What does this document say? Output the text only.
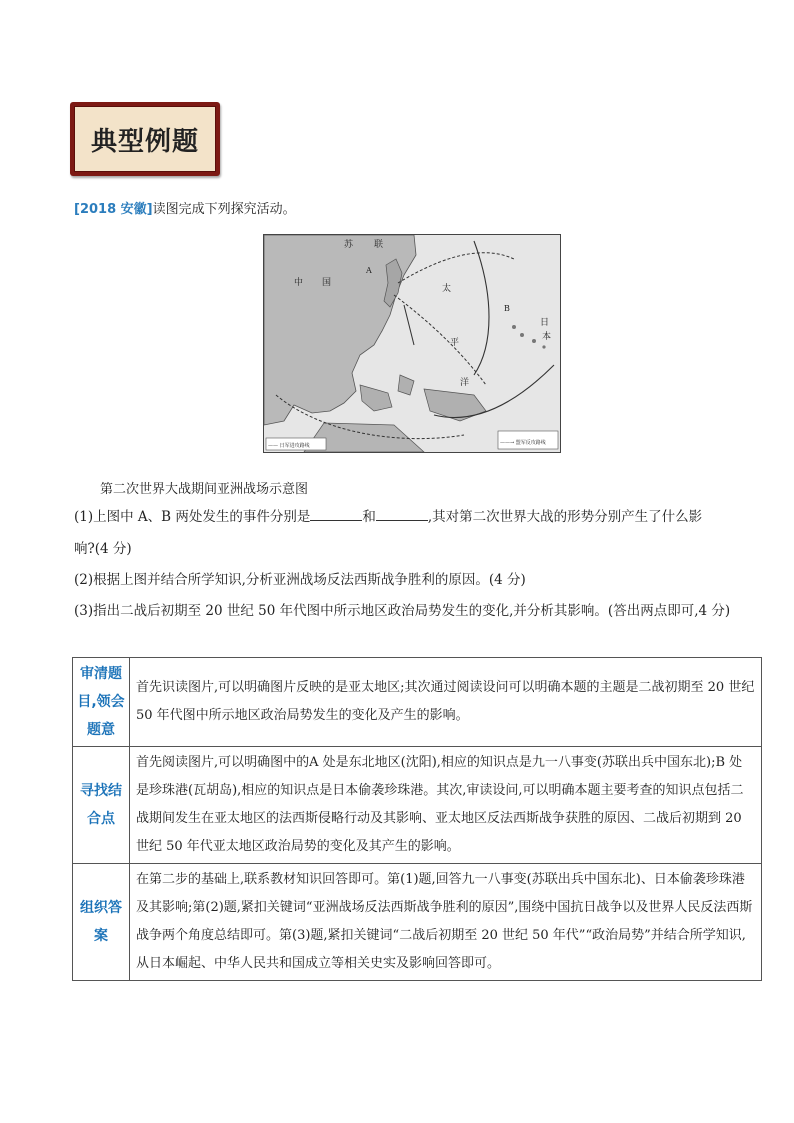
典型例题
[2018 安徽]读图完成下列探究活动。
苏 联
中 国
太
平
洋
日
本
A
B
—— 日军进攻路线	——→ 盟军反攻路线
第二次世界大战期间亚洲战场示意图
(1)上图中 A、B 两处发生的事件分别是	和	,其对第二次世界大战的形势分别产生了什么影
响?(4 分)
(2)根据上图并结合所学知识,分析亚洲战场反法西斯战争胜利的原因。(4 分)
(3)指出二战后初期至 20 世纪 50 年代图中所示地区政治局势发生的变化,并分析其影响。(答出两点即可,4 分)
审清题目,领会题意	首先识读图片,可以明确图片反映的是亚太地区;其次通过阅读设问可以明确本题的主题是二战初期至 20 世纪 50 年代图中所示地区政治局势发生的变化及产生的影响。
寻找结合点	首先阅读图片,可以明确图中的A 处是东北地区(沈阳),相应的知识点是九一八事变(苏联出兵中国东北);B 处是珍珠港(瓦胡岛),相应的知识点是日本偷袭珍珠港。其次,审读设问,可以明确本题主要考查的知识点包括二战期间发生在亚太地区的法西斯侵略行动及其影响、亚太地区反法西斯战争获胜的原因、二战后初期到 20 世纪 50 年代亚太地区政治局势的变化及其产生的影响。
组织答案	在第二步的基础上,联系教材知识回答即可。第(1)题,回答九一八事变(苏联出兵中国东北)、日本偷袭珍珠港及其影响;第(2)题,紧扣关键词“亚洲战场反法西斯战争胜利的原因”,围绕中国抗日战争以及世界人民反法西斯战争两个角度总结即可。第(3)题,紧扣关键词“二战后初期至 20 世纪 50 年代”“政治局势”并结合所学知识,从日本崛起、中华人民共和国成立等相关史实及影响回答即可。
